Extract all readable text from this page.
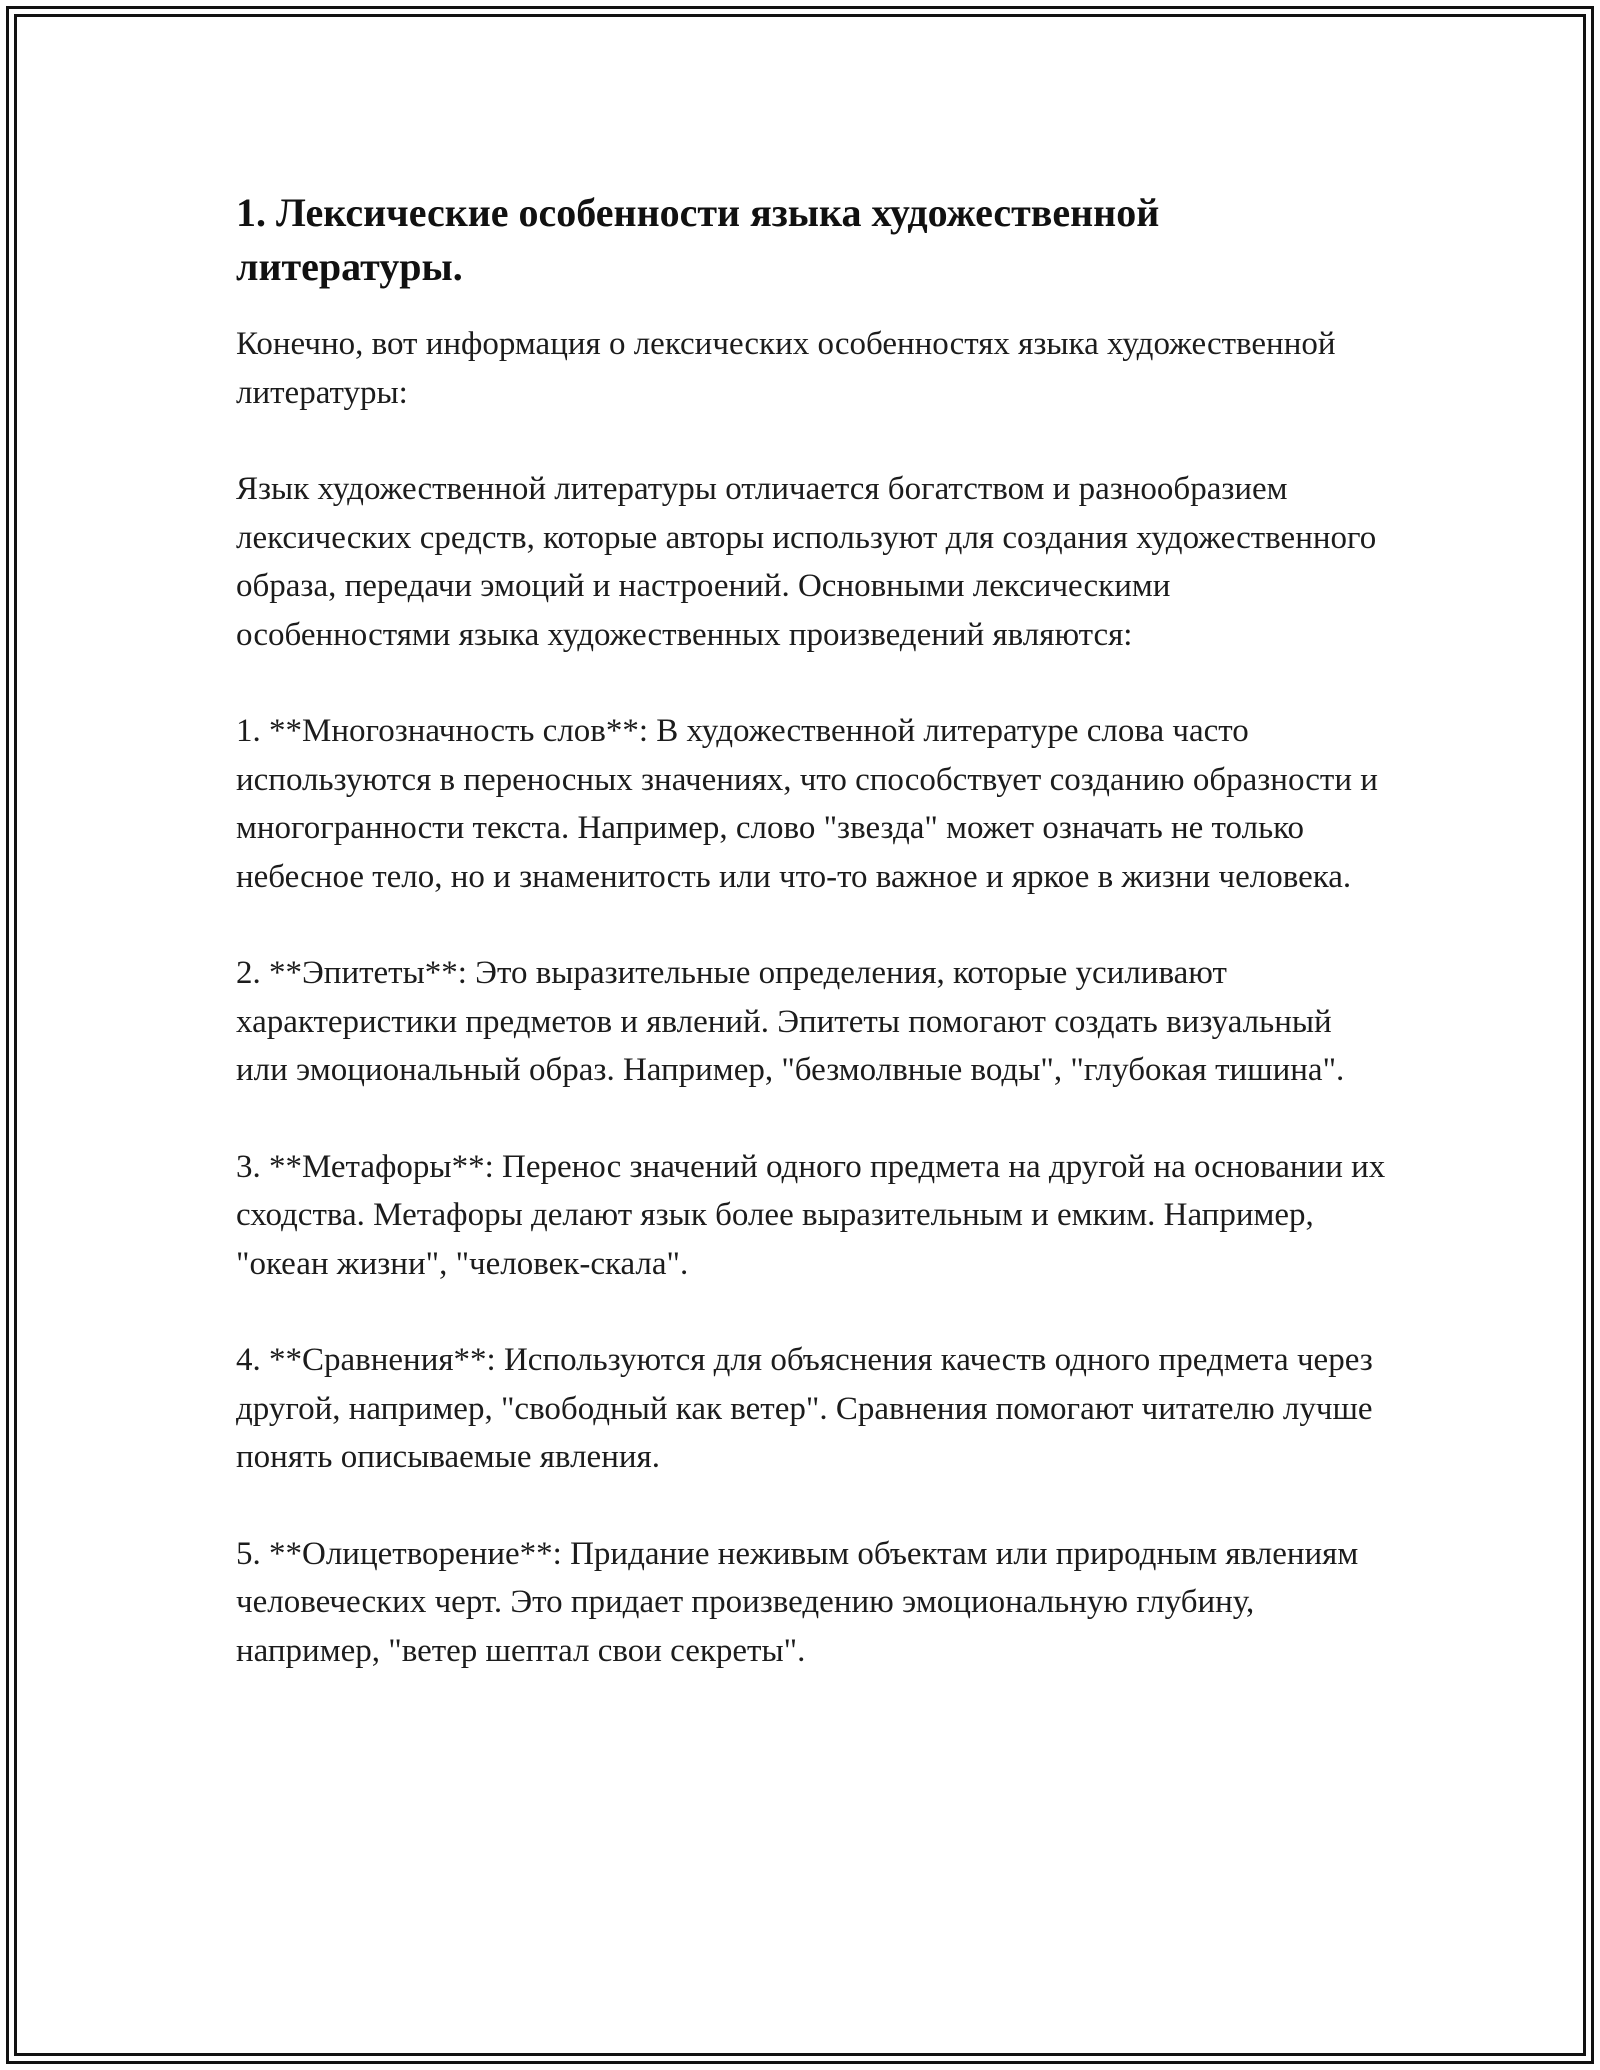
1. Лексические особенности языка художественной литературы.

Конечно, вот информация о лексических особенностях языка художественной литературы:

Язык художественной литературы отличается богатством и разнообразием лексических средств, которые авторы используют для создания художественного образа, передачи эмоций и настроений. Основными лексическими особенностями языка художественных произведений являются:

1. **Многозначность слов**: В художественной литературе слова часто используются в переносных значениях, что способствует созданию образности и многогранности текста. Например, слово "звезда" может означать не только небесное тело, но и знаменитость или что-то важное и яркое в жизни человека.

2. **Эпитеты**: Это выразительные определения, которые усиливают характеристики предметов и явлений. Эпитеты помогают создать визуальный или эмоциональный образ. Например, "безмолвные воды", "глубокая тишина".

3. **Метафоры**: Перенос значений одного предмета на другой на основании их сходства. Метафоры делают язык более выразительным и емким. Например, "океан жизни", "человек-скала".

4. **Сравнения**: Используются для объяснения качеств одного предмета через другой, например, "свободный как ветер". Сравнения помогают читателю лучше понять описываемые явления.

5. **Олицетворение**: Придание неживым объектам или природным явлениям человеческих черт. Это придает произведению эмоциональную глубину, например, "ветер шептал свои секреты".
